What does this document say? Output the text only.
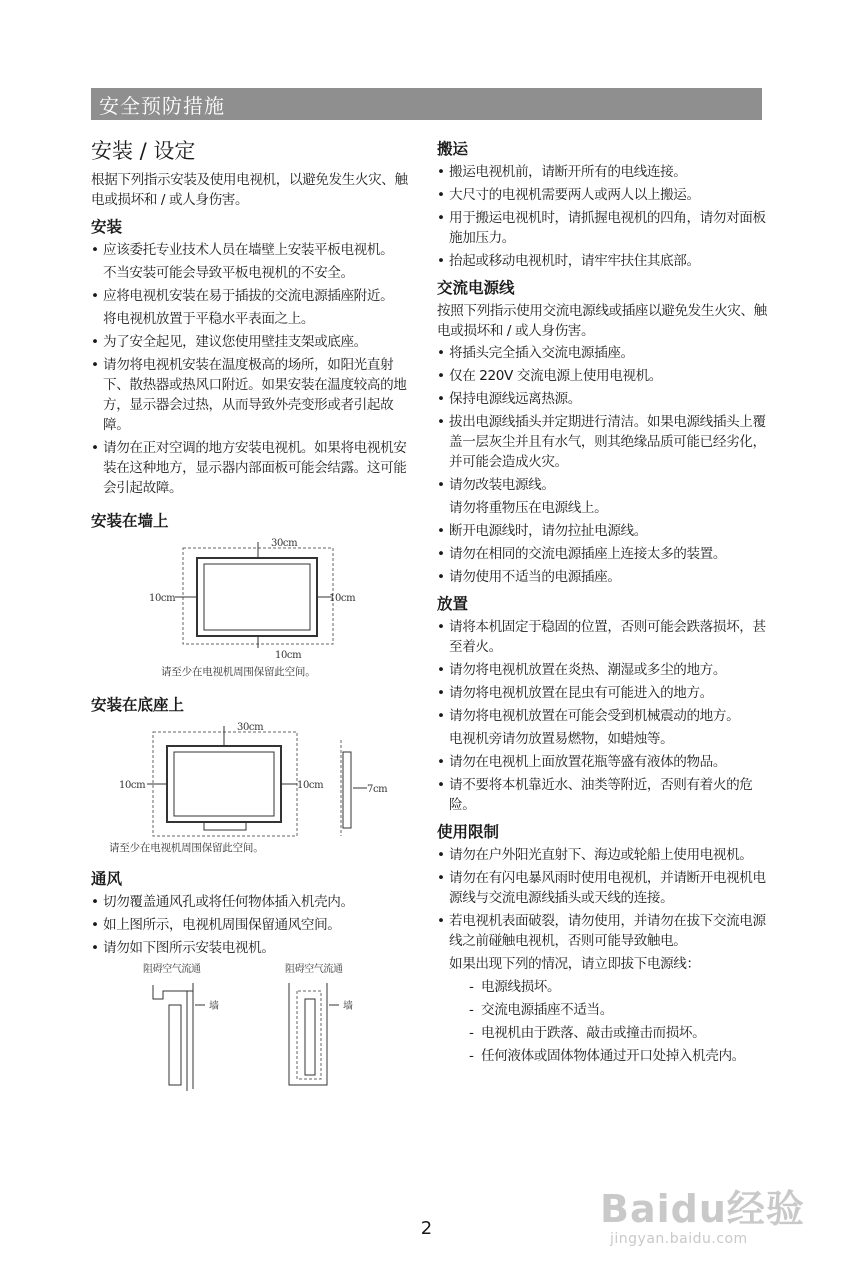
安全预防措施
安装 / 设定
根据下列指示安装及使用电视机，以避免发生火灾、触电或损坏和 / 或人身伤害。
安装
• 应该委托专业技术人员在墙壁上安装平板电视机。
不当安装可能会导致平板电视机的不安全。
• 应将电视机安装在易于插拔的交流电源插座附近。
将电视机放置于平稳水平表面之上。
• 为了安全起见，建议您使用壁挂支架或底座。
• 请勿将电视机安装在温度极高的场所，如阳光直射下、散热器或热风口附近。如果安装在温度较高的地方，显示器会过热，从而导致外壳变形或者引起故障。
• 请勿在正对空调的地方安装电视机。如果将电视机安装在这种地方，显示器内部面板可能会结露。这可能会引起故障。
安装在墙上
30cm
10cm	10cm
10cm
请至少在电视机周围保留此空间。
安装在底座上
30cm
10cm	10cm	7cm
请至少在电视机周围保留此空间。
通风
• 切勿覆盖通风孔或将任何物体插入机壳内。
• 如上图所示，电视机周围保留通风空间。
• 请勿如下图所示安装电视机。
阻碍空气流通	阻碍空气流通
墙	墙
搬运
• 搬运电视机前，请断开所有的电线连接。
• 大尺寸的电视机需要两人或两人以上搬运。
• 用于搬运电视机时，请抓握电视机的四角，请勿对面板施加压力。
• 抬起或移动电视机时，请牢牢扶住其底部。
交流电源线
按照下列指示使用交流电源线或插座以避免发生火灾、触电或损坏和 / 或人身伤害。
• 将插头完全插入交流电源插座。
• 仅在 220V 交流电源上使用电视机。
• 保持电源线远离热源。
• 拔出电源线插头并定期进行清洁。如果电源线插头上覆盖一层灰尘并且有水气，则其绝缘品质可能已经劣化，并可能会造成火灾。
• 请勿改装电源线。
请勿将重物压在电源线上。
• 断开电源线时，请勿拉扯电源线。
• 请勿在相同的交流电源插座上连接太多的装置。
• 请勿使用不适当的电源插座。
放置
• 请将本机固定于稳固的位置，否则可能会跌落损坏，甚至着火。
• 请勿将电视机放置在炎热、潮湿或多尘的地方。
• 请勿将电视机放置在昆虫有可能进入的地方。
• 请勿将电视机放置在可能会受到机械震动的地方。
电视机旁请勿放置易燃物，如蜡烛等。
• 请勿在电视机上面放置花瓶等盛有液体的物品。
• 请不要将本机靠近水、油类等附近，否则有着火的危险。
使用限制
• 请勿在户外阳光直射下、海边或轮船上使用电视机。
• 请勿在有闪电暴风雨时使用电视机，并请断开电视机电源线与交流电源线插头或天线的连接。
• 若电视机表面破裂，请勿使用，并请勿在拔下交流电源线之前碰触电视机，否则可能导致触电。
如果出现下列的情况，请立即拔下电源线：
- 电源线损坏。
- 交流电源插座不适当。
- 电视机由于跌落、敲击或撞击而损坏。
- 任何液体或固体物体通过开口处掉入机壳内。
2	Baidu经验
jingyan.baidu.com
